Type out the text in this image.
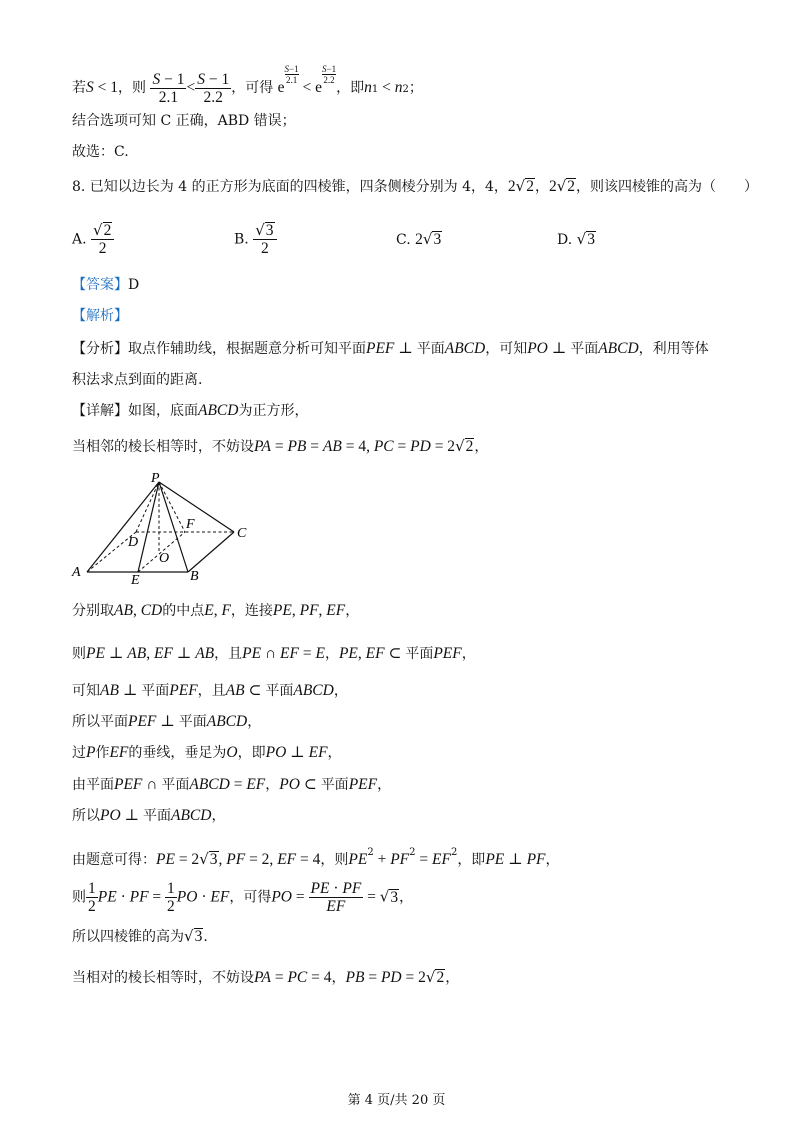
若S < 1，则 $\frac{S - 1}{2.1} < \frac{S - 1}{2.2}$ ，可得 e
$\frac{S-1}{2.1}$
< e
$\frac{S-1}{2.2}$
，即n1 < n2；
结合选项可知 C 正确，ABD 错误；
故选：C.
8. 已知以边长为 4 的正方形为底面的四棱锥，四条侧棱分别为 4，4，2√2，2√2，则该四棱锥的高为（　　）
A. $\frac{√2}{2}$	B. $\frac{√3}{2}$	C. 2√3	D. √3
【答案】D
【解析】
【分析】取点作辅助线，根据题意分析可知平面PEF ⊥ 平面ABCD，可知PO ⊥ 平面ABCD，利用等体
积法求点到面的距离.
【详解】如图，底面ABCD为正方形，
当相邻的棱长相等时，不妨设PA = PB = AB = 4, PC = PD = 2√2，
P
A	B
C
D
E
F
O
分别取AB, CD的中点E, F，连接PE, PF, EF，
则PE ⊥ AB, EF ⊥ AB，且PE ∩ EF = E，PE, EF ⊂ 平面PEF，
可知AB ⊥ 平面PEF，且AB ⊂ 平面ABCD，
所以平面PEF ⊥ 平面ABCD，
过P作EF的垂线，垂足为O，即PO ⊥ EF，
由平面PEF ∩ 平面ABCD = EF，PO ⊂ 平面PEF，
所以PO ⊥ 平面ABCD，
由题意可得：PE = 2√3, PF = 2, EF = 4，则$PE^2 + PF^2 = EF^2$，即PE ⊥ PF，
则 $\frac{1}{2}$ PE · PF = $\frac{1}{2}$ PO · EF，可得PO = $\frac{PE \cdot PF}{EF} = √3$，
所以四棱锥的高为√3.
当相对的棱长相等时，不妨设PA = PC = 4，PB = PD = 2√2，
第 4 页/共 20 页
